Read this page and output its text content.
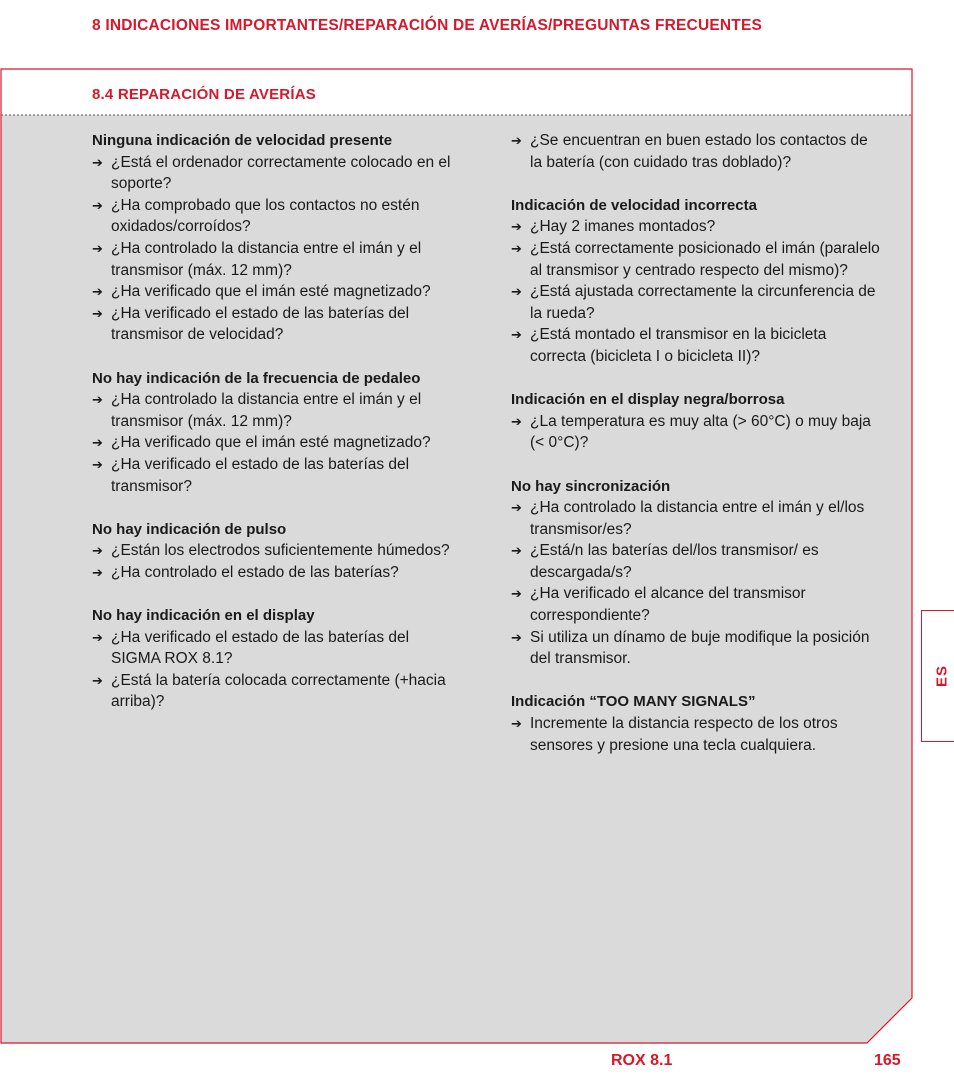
8 INDICACIONES IMPORTANTES/REPARACIÓN DE AVERÍAS/PREGUNTAS FRECUENTES
8.4 REPARACIÓN DE AVERÍAS
Ninguna indicación de velocidad presente
➔ ¿Está el ordenador correctamente colocado en el soporte?
➔ ¿Ha comprobado que los contactos no estén oxidados/corroídos?
➔ ¿Ha controlado la distancia entre el imán y el transmisor (máx. 12 mm)?
➔ ¿Ha verificado que el imán esté magnetizado?
➔ ¿Ha verificado el estado de las baterías del transmisor de velocidad?
No hay indicación de la frecuencia de pedaleo
➔ ¿Ha controlado la distancia entre el imán y el transmisor (máx. 12 mm)?
➔ ¿Ha verificado que el imán esté magnetizado?
➔ ¿Ha verificado el estado de las baterías del transmisor?
No hay indicación de pulso
➔ ¿Están los electrodos suficientemente húmedos?
➔ ¿Ha controlado el estado de las baterías?
No hay indicación en el display
➔ ¿Ha verificado el estado de las baterías del SIGMA ROX 8.1?
➔ ¿Está la batería colocada correctamente (+hacia arriba)?
➔ ¿Se encuentran en buen estado los contactos de la batería (con cuidado tras doblado)?
Indicación de velocidad incorrecta
➔ ¿Hay 2 imanes montados?
➔ ¿Está correctamente posicionado el imán (paralelo al transmisor y centrado respecto del mismo)?
➔ ¿Está ajustada correctamente la circunferencia de la rueda?
➔ ¿Está montado el transmisor en la bicicleta correcta (bicicleta I o bicicleta II)?
Indicación en el display negra/borrosa
➔ ¿La temperatura es muy alta (> 60°C) o muy baja (< 0°C)?
No hay sincronización
➔ ¿Ha controlado la distancia entre el imán y el/los transmisor/es?
➔ ¿Está/n las baterías del/los transmisor/ es descargada/s?
➔ ¿Ha verificado el alcance del transmisor correspondiente?
➔ Si utiliza un dínamo de buje modifique la posición del transmisor.
Indicación “TOO MANY SIGNALS”
➔ Incremente la distancia respecto de los otros sensores y presione una tecla cualquiera.
ES
ROX 8.1	165
